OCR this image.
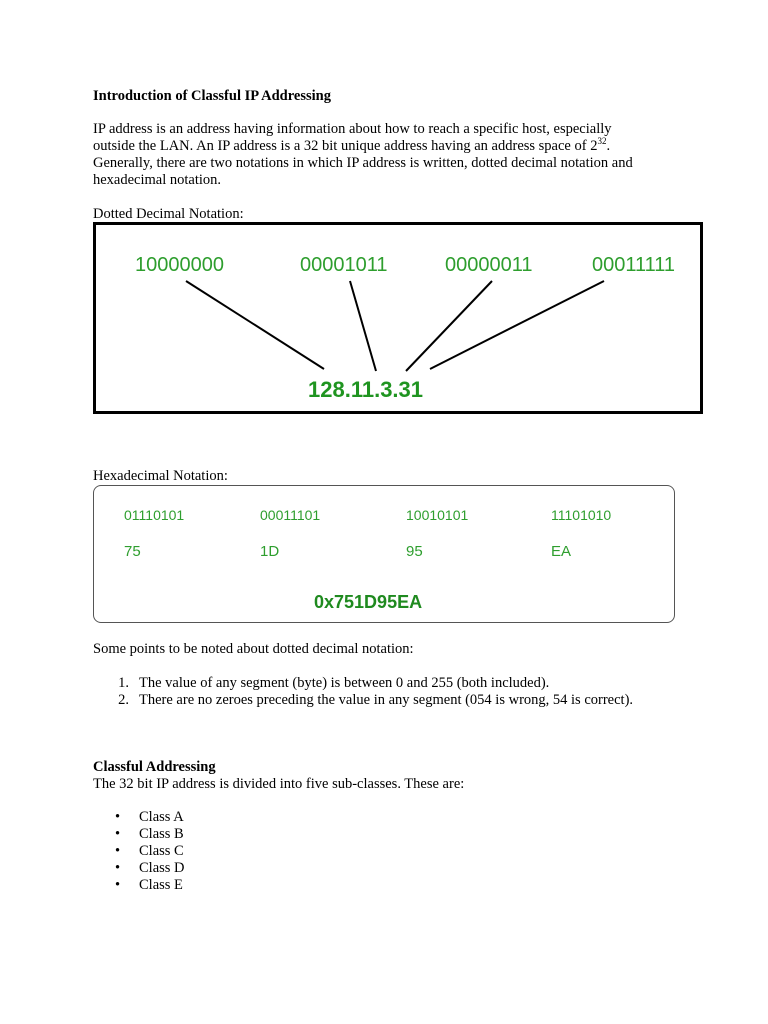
Introduction of Classful IP Addressing
IP address is an address having information about how to reach a specific host, especially
outside the LAN. An IP address is a 32 bit unique address having an address space of $2^{32}$.
Generally, there are two notations in which IP address is written, dotted decimal notation and
hexadecimal notation.
Dotted Decimal Notation:
10000000	00001011	00000011	00011111
128.11.3.31
Hexadecimal Notation:
01110101	00011101	10010101	11101010
75	1D	95	EA
0x751D95EA
Some points to be noted about dotted decimal notation:
1. The value of any segment (byte) is between 0 and 255 (both included).
2. There are no zeroes preceding the value in any segment (054 is wrong, 54 is correct).
Classful Addressing
The 32 bit IP address is divided into five sub-classes. These are:
• Class A
• Class B
• Class C
• Class D
• Class E
